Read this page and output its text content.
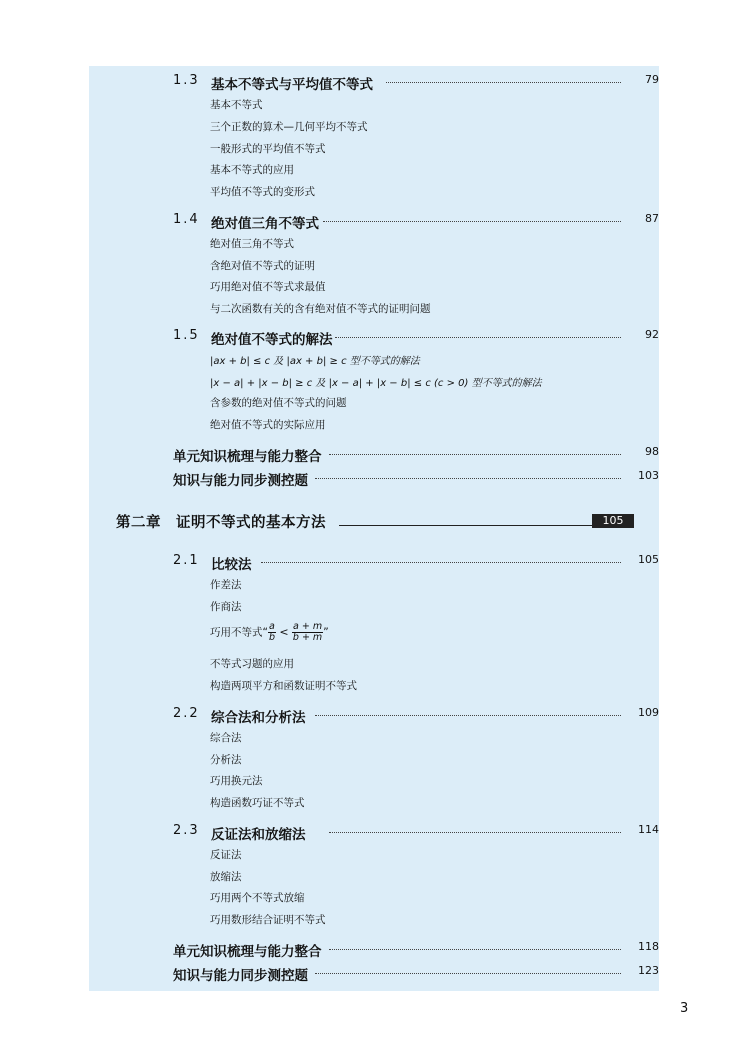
1.3 基本不等式与平均值不等式	79
基本不等式
三个正数的算术—几何平均不等式
一般形式的平均值不等式
基本不等式的应用
平均值不等式的变形式
1.4 绝对值三角不等式	87
绝对值三角不等式
含绝对值不等式的证明
巧用绝对值不等式求最值
与二次函数有关的含有绝对值不等式的证明问题
1.5 绝对值不等式的解法	92
|ax + b| ≤ c 及 |ax + b| ≥ c 型不等式的解法
|x − a| + |x − b| ≥ c 及 |x − a| + |x − b| ≤ c (c > 0) 型不等式的解法
含参数的绝对值不等式的问题
绝对值不等式的实际应用
单元知识梳理与能力整合	98
知识与能力同步测控题	103
第二章　证明不等式的基本方法	105
2.1 比较法	105
作差法
作商法
巧用不等式“ $\frac{a}{b} < \frac{a + m}{b + m}$ ”
不等式习题的应用
构造两项平方和函数证明不等式
2.2 综合法和分析法	109
综合法
分析法
巧用换元法
构造函数巧证不等式
2.3 反证法和放缩法	114
反证法
放缩法
巧用两个不等式放缩
巧用数形结合证明不等式
单元知识梳理与能力整合	118
知识与能力同步测控题	123
3
